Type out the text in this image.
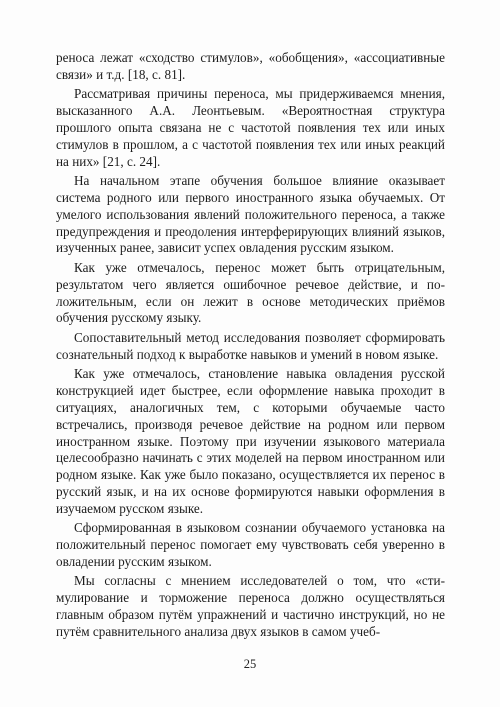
реноса лежат «сходство стимулов», «обобщения», «ассоциативные связи» и т.д. [18, с. 81].

Рассматривая причины переноса, мы придерживаемся мнения, высказанного А.А. Леонтьевым. «Вероятностная структура прошлого опыта связана не с частотой появления тех или иных стимулов в прошлом, а с частотой появления тех или иных реакций на них» [21, с. 24].

На начальном этапе обучения большое влияние оказывает система родного или первого иностранного языка обучаемых. От умелого использования явлений положительного переноса, а также предупреждения и преодоления интерферирующих влияний языков, изученных ранее, зависит успех овладения русским языком.

Как уже отмечалось, перенос может быть отрицательным, результатом чего является ошибочное речевое действие, и положительным, если он лежит в основе методических приёмов обучения русскому языку.

Сопоставительный метод исследования позволяет сформировать сознательный подход к выработке навыков и умений в новом языке.

Как уже отмечалось, становление навыка овладения русской конструкцией идет быстрее, если оформление навыка проходит в ситуациях, аналогичных тем, с которыми обучаемые часто встречались, производя речевое действие на родном или первом иностранном языке. Поэтому при изучении языкового материала целесообразно начинать с этих моделей на первом иностранном или родном языке. Как уже было показано, осуществляется их перенос в русский язык, и на их основе формируются навыки оформления в изучаемом русском языке.

Сформированная в языковом сознании обучаемого установка на положительный перенос помогает ему чувствовать себя уверенно в овладении русским языком.

Мы согласны с мнением исследователей о том, что «стимулирование и торможение переноса должно осуществляться главным образом путём упражнений и частично инструкций, но не путём сравнительного анализа двух языков в самом учеб-

25
